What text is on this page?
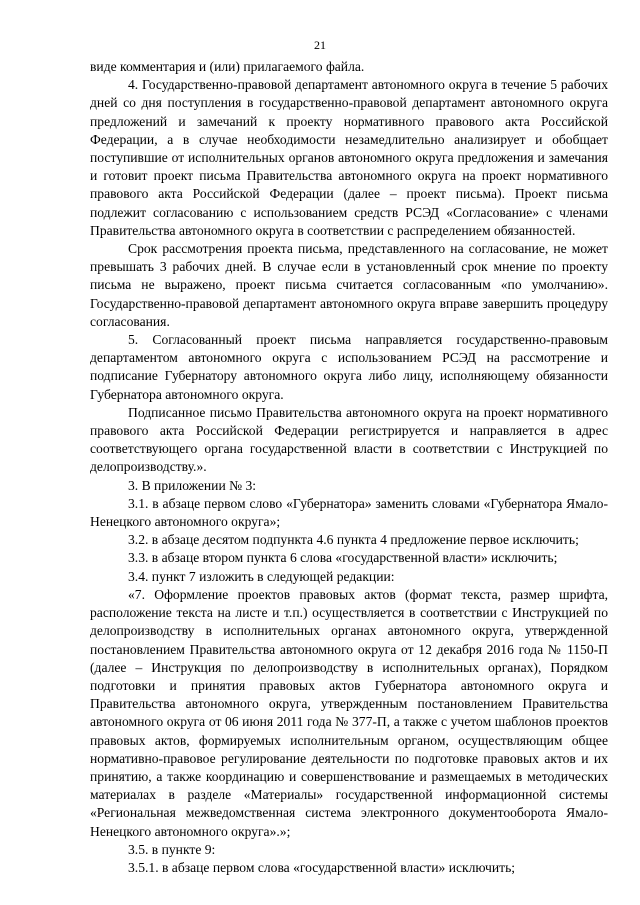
21

виде комментария и (или) прилагаемого файла.

4. Государственно-правовой департамент автономного округа в течение 5 рабочих дней со дня поступления в государственно-правовой департамент автономного округа предложений и замечаний к проекту нормативного правового акта Российской Федерации, а в случае необходимости незамедлительно анализирует и обобщает поступившие от исполнительных органов автономного округа предложения и замечания и готовит проект письма Правительства автономного округа на проект нормативного правового акта Российской Федерации (далее – проект письма). Проект письма подлежит согласованию с использованием средств РСЭД «Согласование» с членами Правительства автономного округа в соответствии с распределением обязанностей.

Срок рассмотрения проекта письма, представленного на согласование, не может превышать 3 рабочих дней. В случае если в установленный срок мнение по проекту письма не выражено, проект письма считается согласованным «по умолчанию». Государственно-правовой департамент автономного округа вправе завершить процедуру согласования.

5. Согласованный проект письма направляется государственно-правовым департаментом автономного округа с использованием РСЭД на рассмотрение и подписание Губернатору автономного округа либо лицу, исполняющему обязанности Губернатора автономного округа.

Подписанное письмо Правительства автономного округа на проект нормативного правового акта Российской Федерации регистрируется и направляется в адрес соответствующего органа государственной власти в соответствии с Инструкцией по делопроизводству.».

3. В приложении № 3:

3.1. в абзаце первом слово «Губернатора» заменить словами «Губернатора Ямало-Ненецкого автономного округа»;

3.2. в абзаце десятом подпункта 4.6 пункта 4 предложение первое исключить;

3.3. в абзаце втором пункта 6 слова «государственной власти» исключить;

3.4. пункт 7 изложить в следующей редакции:

«7. Оформление проектов правовых актов (формат текста, размер шрифта, расположение текста на листе и т.п.) осуществляется в соответствии с Инструкцией по делопроизводству в исполнительных органах автономного округа, утвержденной постановлением Правительства автономного округа от 12 декабря 2016 года № 1150-П (далее – Инструкция по делопроизводству в исполнительных органах), Порядком подготовки и принятия правовых актов Губернатора автономного округа и Правительства автономного округа, утвержденным постановлением Правительства автономного округа от 06 июня 2011 года № 377-П, а также с учетом шаблонов проектов правовых актов, формируемых исполнительным органом, осуществляющим общее нормативно-правовое регулирование деятельности по подготовке правовых актов и их принятию, а также координацию и совершенствование и размещаемых в методических материалах в разделе «Материалы» государственной информационной системы «Региональная межведомственная система электронного документооборота Ямало-Ненецкого автономного округа».»;

3.5. в пункте 9:

3.5.1. в абзаце первом слова «государственной власти» исключить;
